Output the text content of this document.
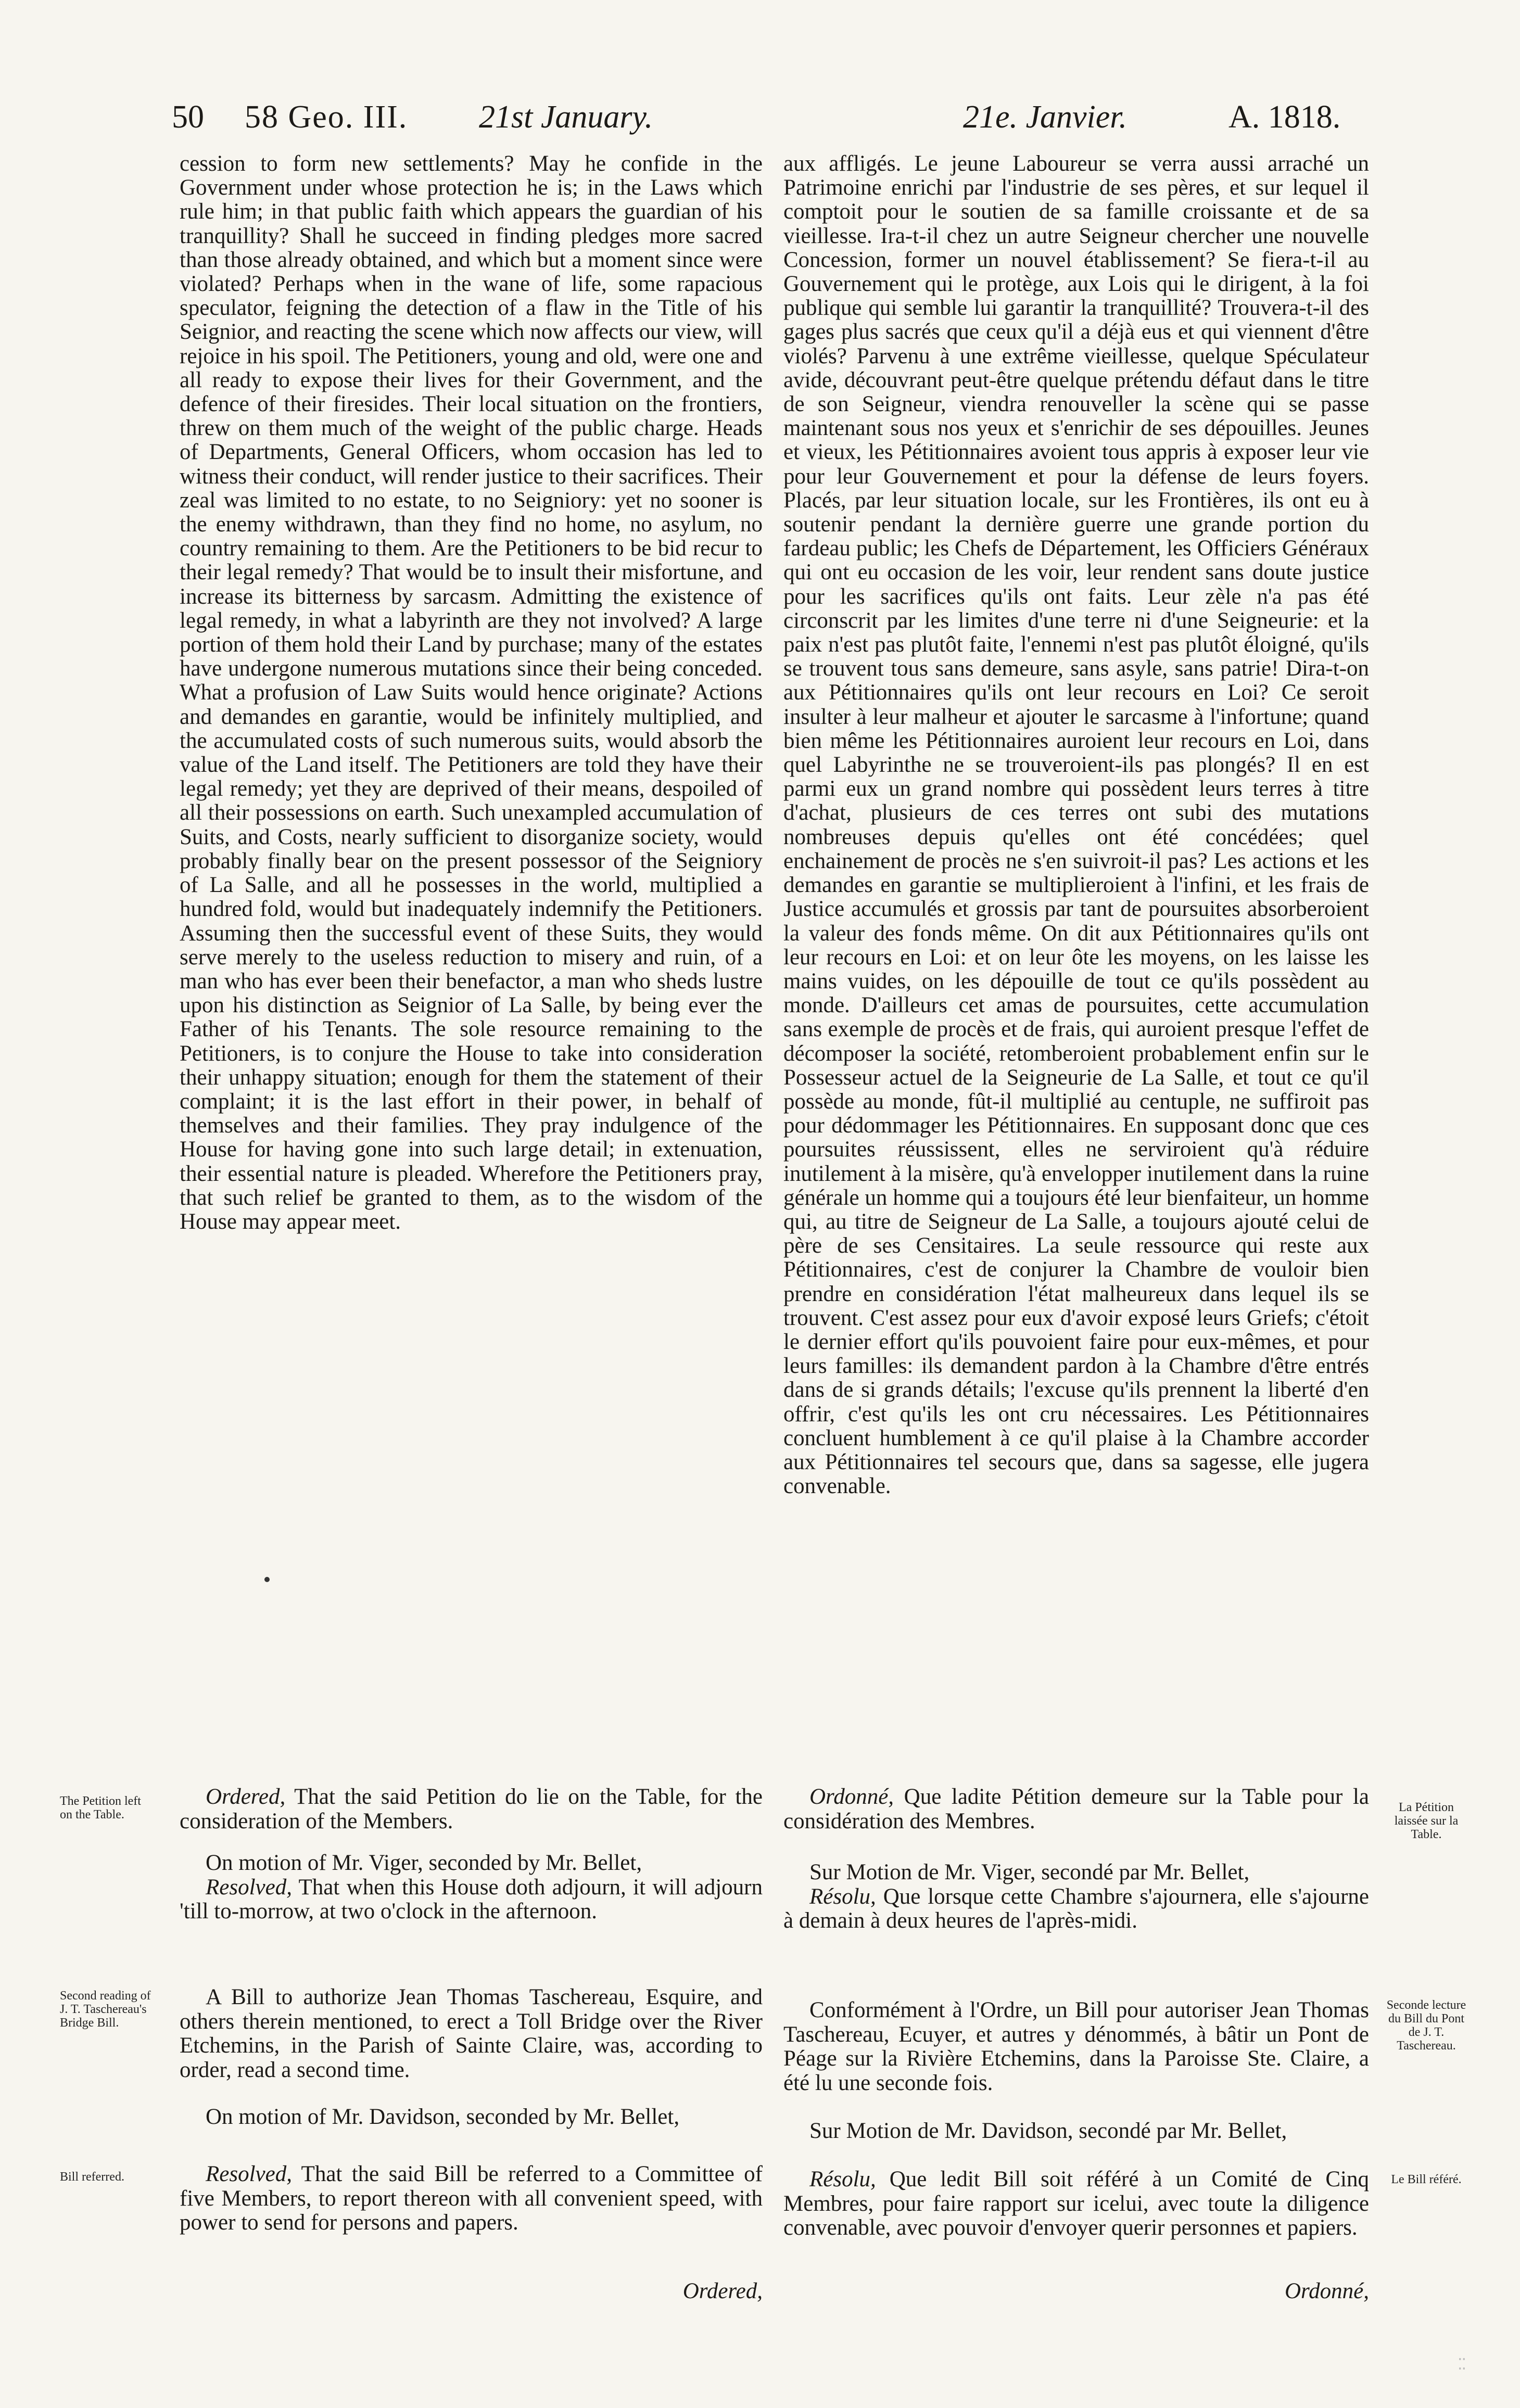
50 58 Geo. III. 21st January.	21e. Janvier.	A. 1818.

cession to form new settlements? May he confide in the Government under whose protection he is; in the Laws which rule him; in that public faith which appears the guardian of his tranquillity? Shall he succeed in finding pledges more sacred than those already obtained, and which but a moment since were violated? Perhaps when in the wane of life, some rapacious speculator, feigning the detection of a flaw in the Title of his Seignior, and reacting the scene which now affects our view, will rejoice in his spoil. The Petitioners, young and old, were one and all ready to expose their lives for their Government, and the defence of their firesides. Their local situation on the frontiers, threw on them much of the weight of the public charge. Heads of Departments, General Officers, whom occasion has led to witness their conduct, will render justice to their sacrifices. Their zeal was limited to no estate, to no Seigniory: yet no sooner is the enemy withdrawn, than they find no home, no asylum, no country remaining to them. Are the Petitioners to be bid recur to their legal remedy? That would be to insult their misfortune, and increase its bitterness by sarcasm. Admitting the existence of legal remedy, in what a labyrinth are they not involved? A large portion of them hold their Land by purchase; many of the estates have undergone numerous mutations since their being conceded. What a profusion of Law Suits would hence originate? Actions and demandes en garantie, would be infinitely multiplied, and the accumulated costs of such numerous suits, would absorb the value of the Land itself. The Petitioners are told they have their legal remedy; yet they are deprived of their means, despoiled of all their possessions on earth. Such unexampled accumulation of Suits, and Costs, nearly sufficient to disorganize society, would probably finally bear on the present possessor of the Seigniory of La Salle, and all he possesses in the world, multiplied a hundred fold, would but inadequately indemnify the Petitioners. Assuming then the successful event of these Suits, they would serve merely to the useless reduction to misery and ruin, of a man who has ever been their benefactor, a man who sheds lustre upon his distinction as Seignior of La Salle, by being ever the Father of his Tenants. The sole resource remaining to the Petitioners, is to conjure the House to take into consideration their unhappy situation; enough for them the statement of their complaint; it is the last effort in their power, in behalf of themselves and their families. They pray indulgence of the House for having gone into such large detail; in extenuation, their essential nature is pleaded. Wherefore the Petitioners pray, that such relief be granted to them, as to the wisdom of the House may appear meet.

aux affligés. Le jeune Laboureur se verra aussi arraché un Patrimoine enrichi par l'industrie de ses pères, et sur lequel il comptoit pour le soutien de sa famille croissante et de sa vieillesse. Ira-t-il chez un autre Seigneur chercher une nouvelle Concession, former un nouvel établissement? Se fiera-t-il au Gouvernement qui le protège, aux Lois qui le dirigent, à la foi publique qui semble lui garantir la tranquillité? Trouvera-t-il des gages plus sacrés que ceux qu'il a déjà eus et qui viennent d'être violés? Parvenu à une extrême vieillesse, quelque Spéculateur avide, découvrant peut-être quelque prétendu défaut dans le titre de son Seigneur, viendra renouveller la scène qui se passe maintenant sous nos yeux et s'enrichir de ses dépouilles. Jeunes et vieux, les Pétitionnaires avoient tous appris à exposer leur vie pour leur Gouvernement et pour la défense de leurs foyers. Placés, par leur situation locale, sur les Frontières, ils ont eu à soutenir pendant la dernière guerre une grande portion du fardeau public; les Chefs de Département, les Officiers Généraux qui ont eu occasion de les voir, leur rendent sans doute justice pour les sacrifices qu'ils ont faits. Leur zèle n'a pas été circonscrit par les limites d'une terre ni d'une Seigneurie: et la paix n'est pas plutôt faite, l'ennemi n'est pas plutôt éloigné, qu'ils se trouvent tous sans demeure, sans asyle, sans patrie! Dira-t-on aux Pétitionnaires qu'ils ont leur recours en Loi? Ce seroit insulter à leur malheur et ajouter le sarcasme à l'infortune; quand bien même les Pétitionnaires auroient leur recours en Loi, dans quel Labyrinthe ne se trouveroient-ils pas plongés? Il en est parmi eux un grand nombre qui possèdent leurs terres à titre d'achat, plusieurs de ces terres ont subi des mutations nombreuses depuis qu'elles ont été concédées; quel enchainement de procès ne s'en suivroit-il pas? Les actions et les demandes en garantie se multiplieroient à l'infini, et les frais de Justice accumulés et grossis par tant de poursuites absorberoient la valeur des fonds même. On dit aux Pétitionnaires qu'ils ont leur recours en Loi: et on leur ôte les moyens, on les laisse les mains vuides, on les dépouille de tout ce qu'ils possèdent au monde. D'ailleurs cet amas de poursuites, cette accumulation sans exemple de procès et de frais, qui auroient presque l'effet de décomposer la société, retomberoient probablement enfin sur le Possesseur actuel de la Seigneurie de La Salle, et tout ce qu'il possède au monde, fût-il multiplié au centuple, ne suffiroit pas pour dédommager les Pétitionnaires. En supposant donc que ces poursuites réussissent, elles ne serviroient qu'à réduire inutilement à la misère, qu'à envelopper inutilement dans la ruine générale un homme qui a toujours été leur bienfaiteur, un homme qui, au titre de Seigneur de La Salle, a toujours ajouté celui de père de ses Censitaires. La seule ressource qui reste aux Pétitionnaires, c'est de conjurer la Chambre de vouloir bien prendre en considération l'état malheureux dans lequel ils se trouvent. C'est assez pour eux d'avoir exposé leurs Griefs; c'étoit le dernier effort qu'ils pouvoient faire pour eux-mêmes, et pour leurs familles: ils demandent pardon à la Chambre d'être entrés dans de si grands détails; l'excuse qu'ils prennent la liberté d'en offrir, c'est qu'ils les ont cru nécessaires. Les Pétitionnaires concluent humblement à ce qu'il plaise à la Chambre accorder aux Pétitionnaires tel secours que, dans sa sagesse, elle jugera convenable.

The Petition left on the Table.

Ordered, That the said Petition do lie on the Table, for the consideration of the Members.

Ordonné, Que ladite Pétition demeure sur la Table pour la considération des Membres.

La Pétition laissée sur la Table.

On motion of Mr. Viger, seconded by Mr. Bellet,

Resolved, That when this House doth adjourn, it will adjourn 'till to-morrow, at two o'clock in the afternoon.

Sur Motion de Mr. Viger, secondé par Mr. Bellet,

Résolu, Que lorsque cette Chambre s'ajournera, elle s'ajourne à demain à deux heures de l'après-midi.

Second reading of J. T. Taschereau's Bridge Bill.

A Bill to authorize Jean Thomas Taschereau, Esquire, and others therein mentioned, to erect a Toll Bridge over the River Etchemins, in the Parish of Sainte Claire, was, according to order, read a second time.

Conformément à l'Ordre, un Bill pour autoriser Jean Thomas Taschereau, Ecuyer, et autres y dénommés, à bâtir un Pont de Péage sur la Rivière Etchemins, dans la Paroisse Ste. Claire, a été lu une seconde fois.

Seconde lecture du Bill du Pont de J. T. Taschereau.

On motion of Mr. Davidson, seconded by Mr. Bellet,

Sur Motion de Mr. Davidson, secondé par Mr. Bellet,

Bill referred.	Resolved, That the said Bill be referred to a Committee of five Members, to report thereon with all convenient speed, with power to send for persons and papers.

Résolu, Que ledit Bill soit référé à un Comité de Cinq Membres, pour faire rapport sur icelui, avec toute la diligence convenable, avec pouvoir d'envoyer querir personnes et papiers.

Le Bill référé.

Ordered,	Ordonné,

⁚⁚
